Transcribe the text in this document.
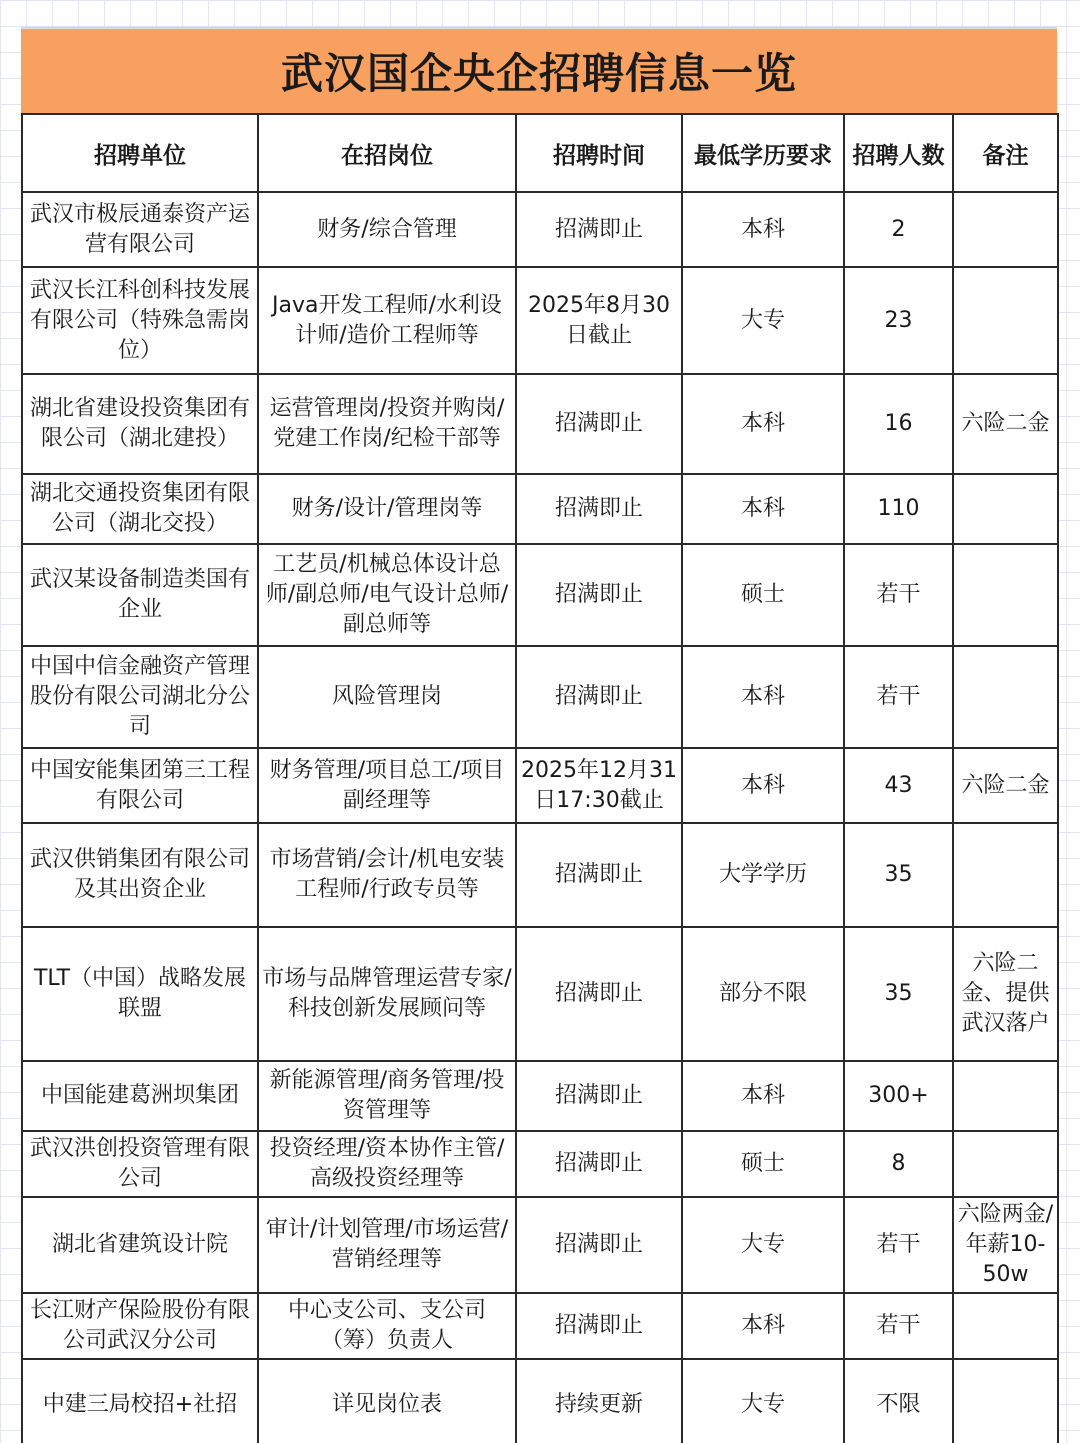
武汉国企央企招聘信息一览
招聘单位	在招岗位	招聘时间	最低学历要求	招聘人数	备注
武汉市极辰通泰资产运营有限公司	财务/综合管理	招满即止	本科	2	
武汉长江科创科技发展有限公司（特殊急需岗位）	Java开发工程师/水利设计师/造价工程师等	2025年8月30日截止	大专	23	
湖北省建设投资集团有限公司（湖北建投）	运营管理岗/投资并购岗/党建工作岗/纪检干部等	招满即止	本科	16	六险二金
湖北交通投资集团有限公司（湖北交投）	财务/设计/管理岗等	招满即止	本科	110	
武汉某设备制造类国有企业	工艺员/机械总体设计总师/副总师/电气设计总师/副总师等	招满即止	硕士	若干	
中国中信金融资产管理股份有限公司湖北分公司	风险管理岗	招满即止	本科	若干	
中国安能集团第三工程有限公司	财务管理/项目总工/项目副经理等	2025年12月31日17:30截止	本科	43	六险二金
武汉供销集团有限公司及其出资企业	市场营销/会计/机电安装工程师/行政专员等	招满即止	大学学历	35	
TLT（中国）战略发展联盟	市场与品牌管理运营专家/科技创新发展顾问等	招满即止	部分不限	35	六险二金、提供武汉落户
中国能建葛洲坝集团	新能源管理/商务管理/投资管理等	招满即止	本科	300+	
武汉洪创投资管理有限公司	投资经理/资本协作主管/高级投资经理等	招满即止	硕士	8	
湖北省建筑设计院	审计/计划管理/市场运营/营销经理等	招满即止	大专	若干	六险两金/年薪10-50w
长江财产保险股份有限公司武汉分公司	中心支公司、支公司（筹）负责人	招满即止	本科	若干	
中建三局校招+社招	详见岗位表	持续更新	大专	不限	
